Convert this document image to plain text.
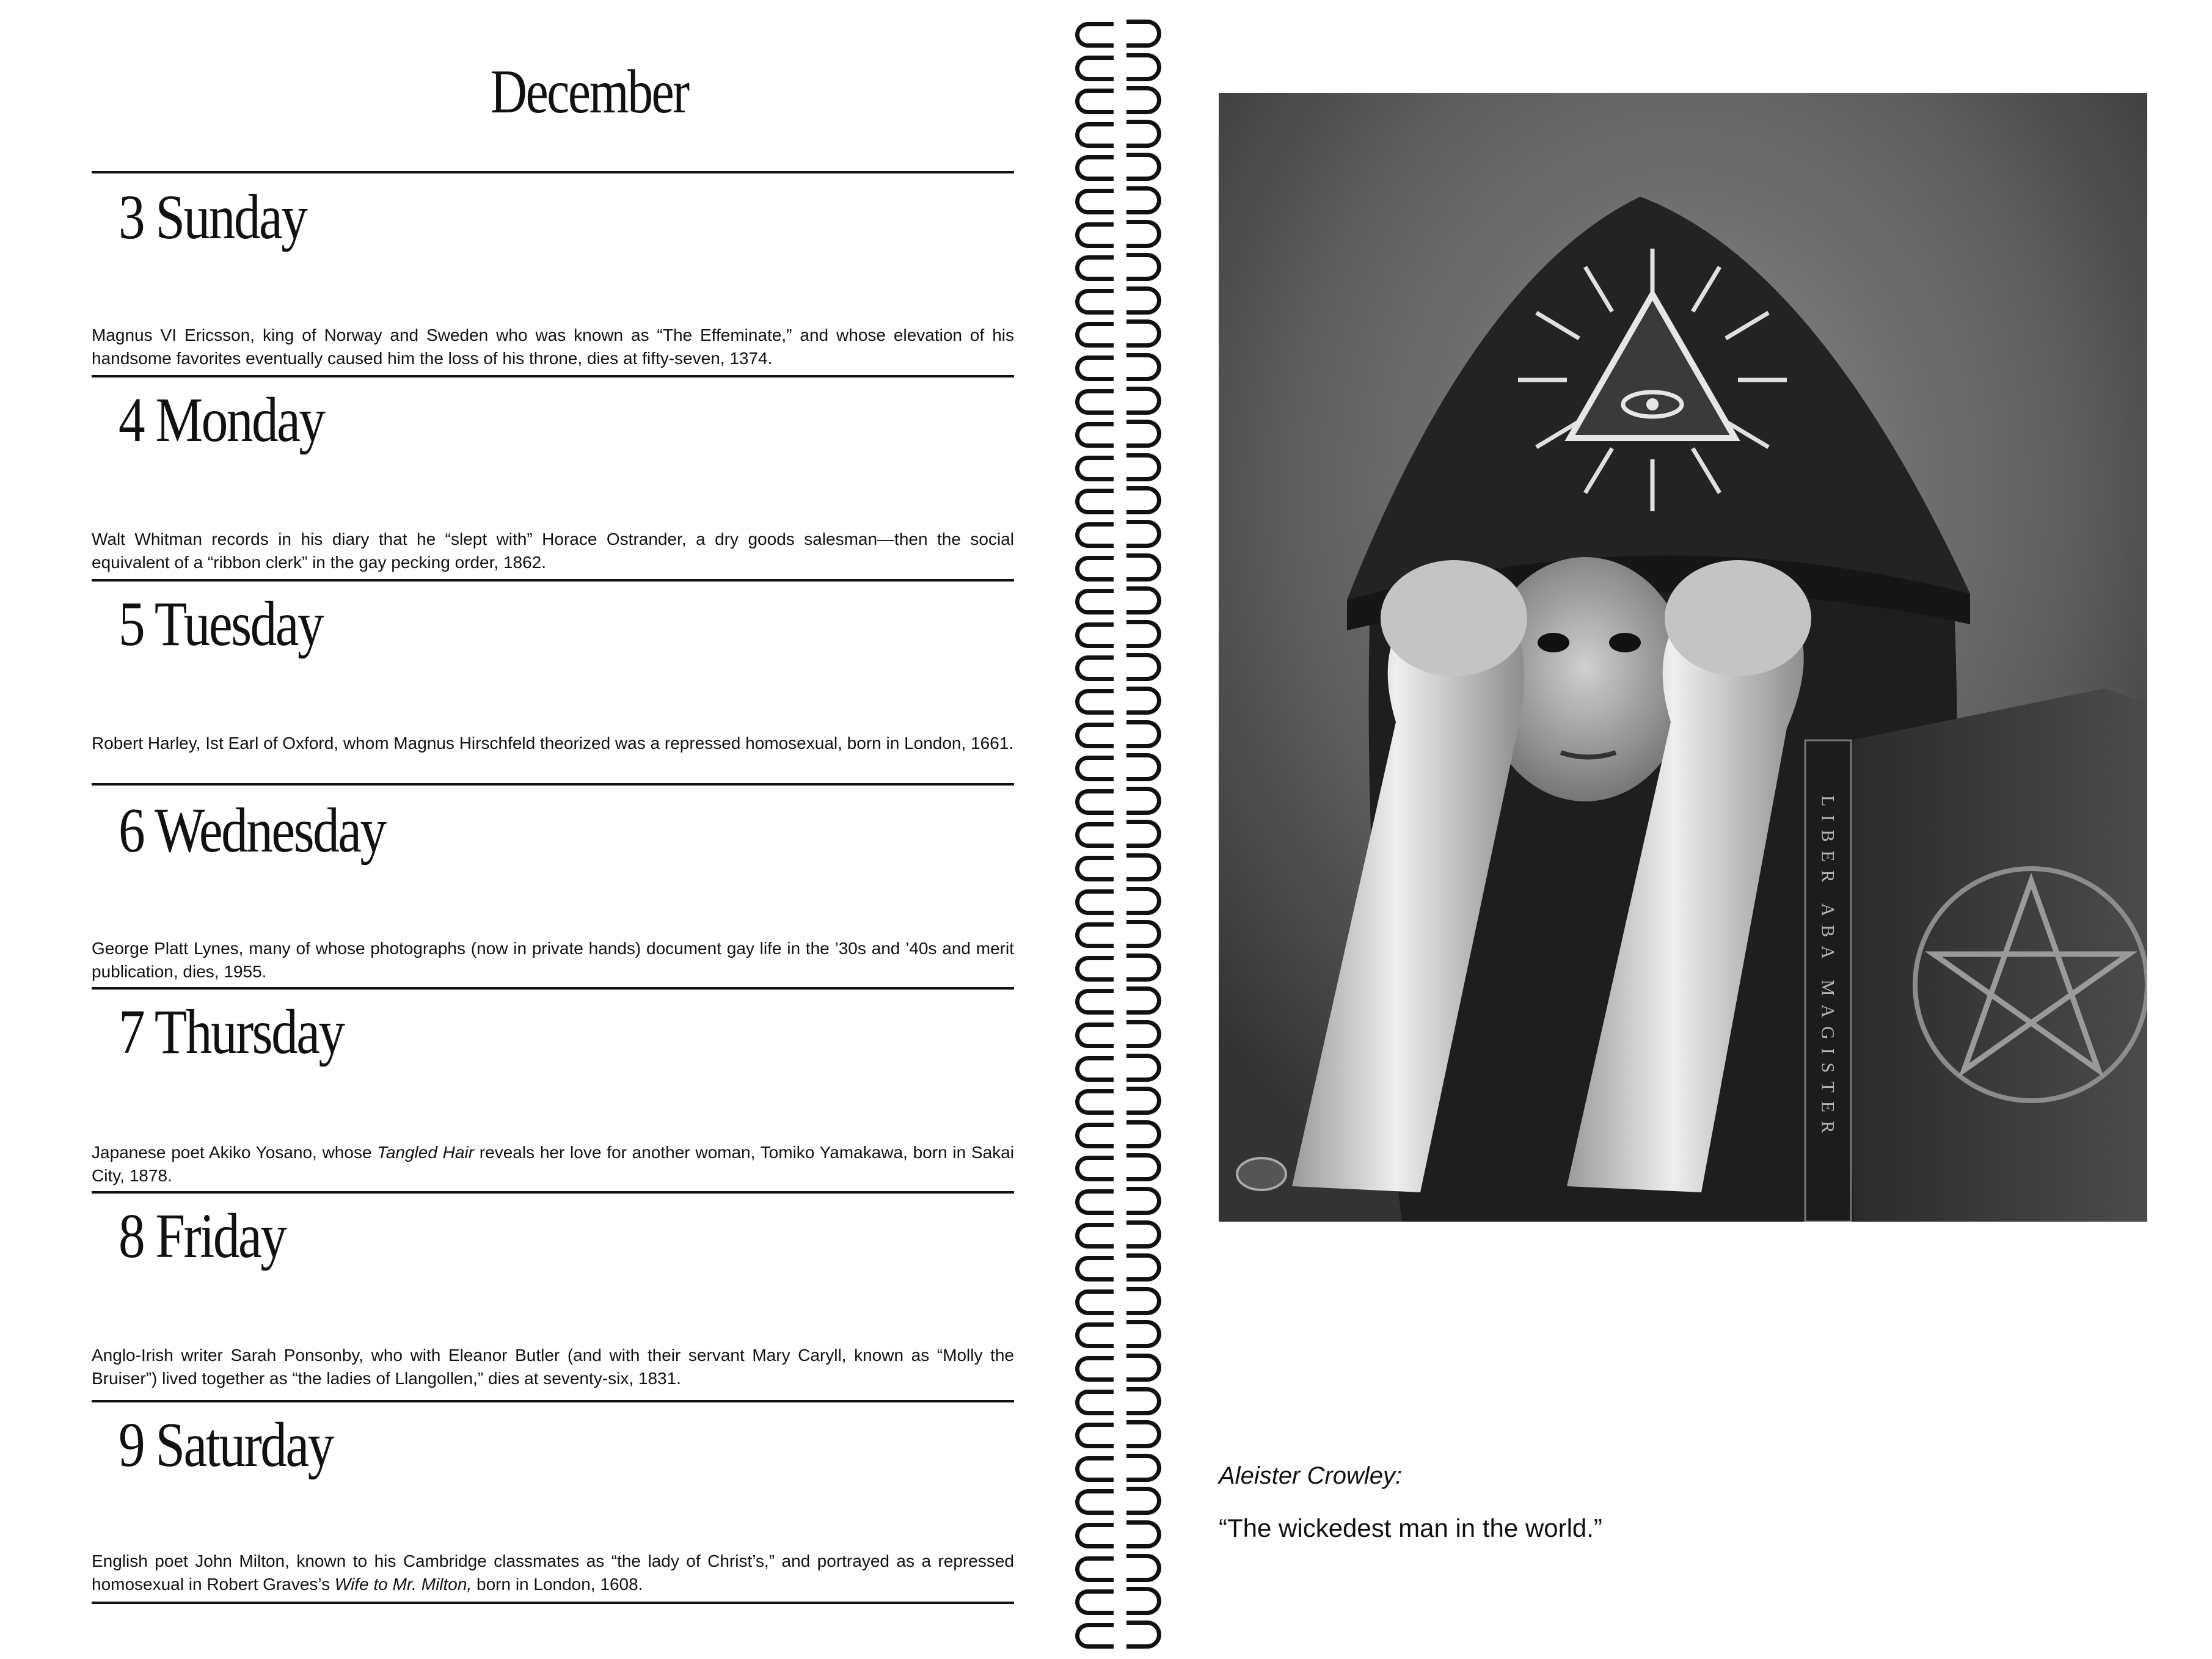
December
3 Sunday
Magnus VI Ericsson, king of Norway and Sweden who was known as “The Effeminate,” and whose elevation of his handsome favorites eventually caused him the loss of his throne, dies at fifty-seven, 1374.
4 Monday
Walt Whitman records in his diary that he “slept with” Horace Ostrander, a dry goods salesman—then the social equivalent of a “ribbon clerk” in the gay pecking order, 1862.
5 Tuesday
Robert Harley, Ist Earl of Oxford, whom Magnus Hirschfeld theorized was a repressed homosexual, born in London, 1661.
6 Wednesday
George Platt Lynes, many of whose photographs (now in private hands) document gay life in the ’30s and ’40s and merit publication, dies, 1955.
7 Thursday
Japanese poet Akiko Yosano, whose Tangled Hair reveals her love for another woman, Tomiko Yamakawa, born in Sakai City, 1878.
8 Friday
Anglo-Irish writer Sarah Ponsonby, who with Eleanor Butler (and with their servant Mary Caryll, known as “Molly the Bruiser”) lived together as “the ladies of Llangollen,” dies at seventy-six, 1831.
9 Saturday
English poet John Milton, known to his Cambridge classmates as “the lady of Christ’s,” and portrayed as a repressed homosexual in Robert Graves’s Wife to Mr. Milton, born in London, 1608.
LIBER ABA MAGISTER
Aleister Crowley:
“The wickedest man in the world.”
